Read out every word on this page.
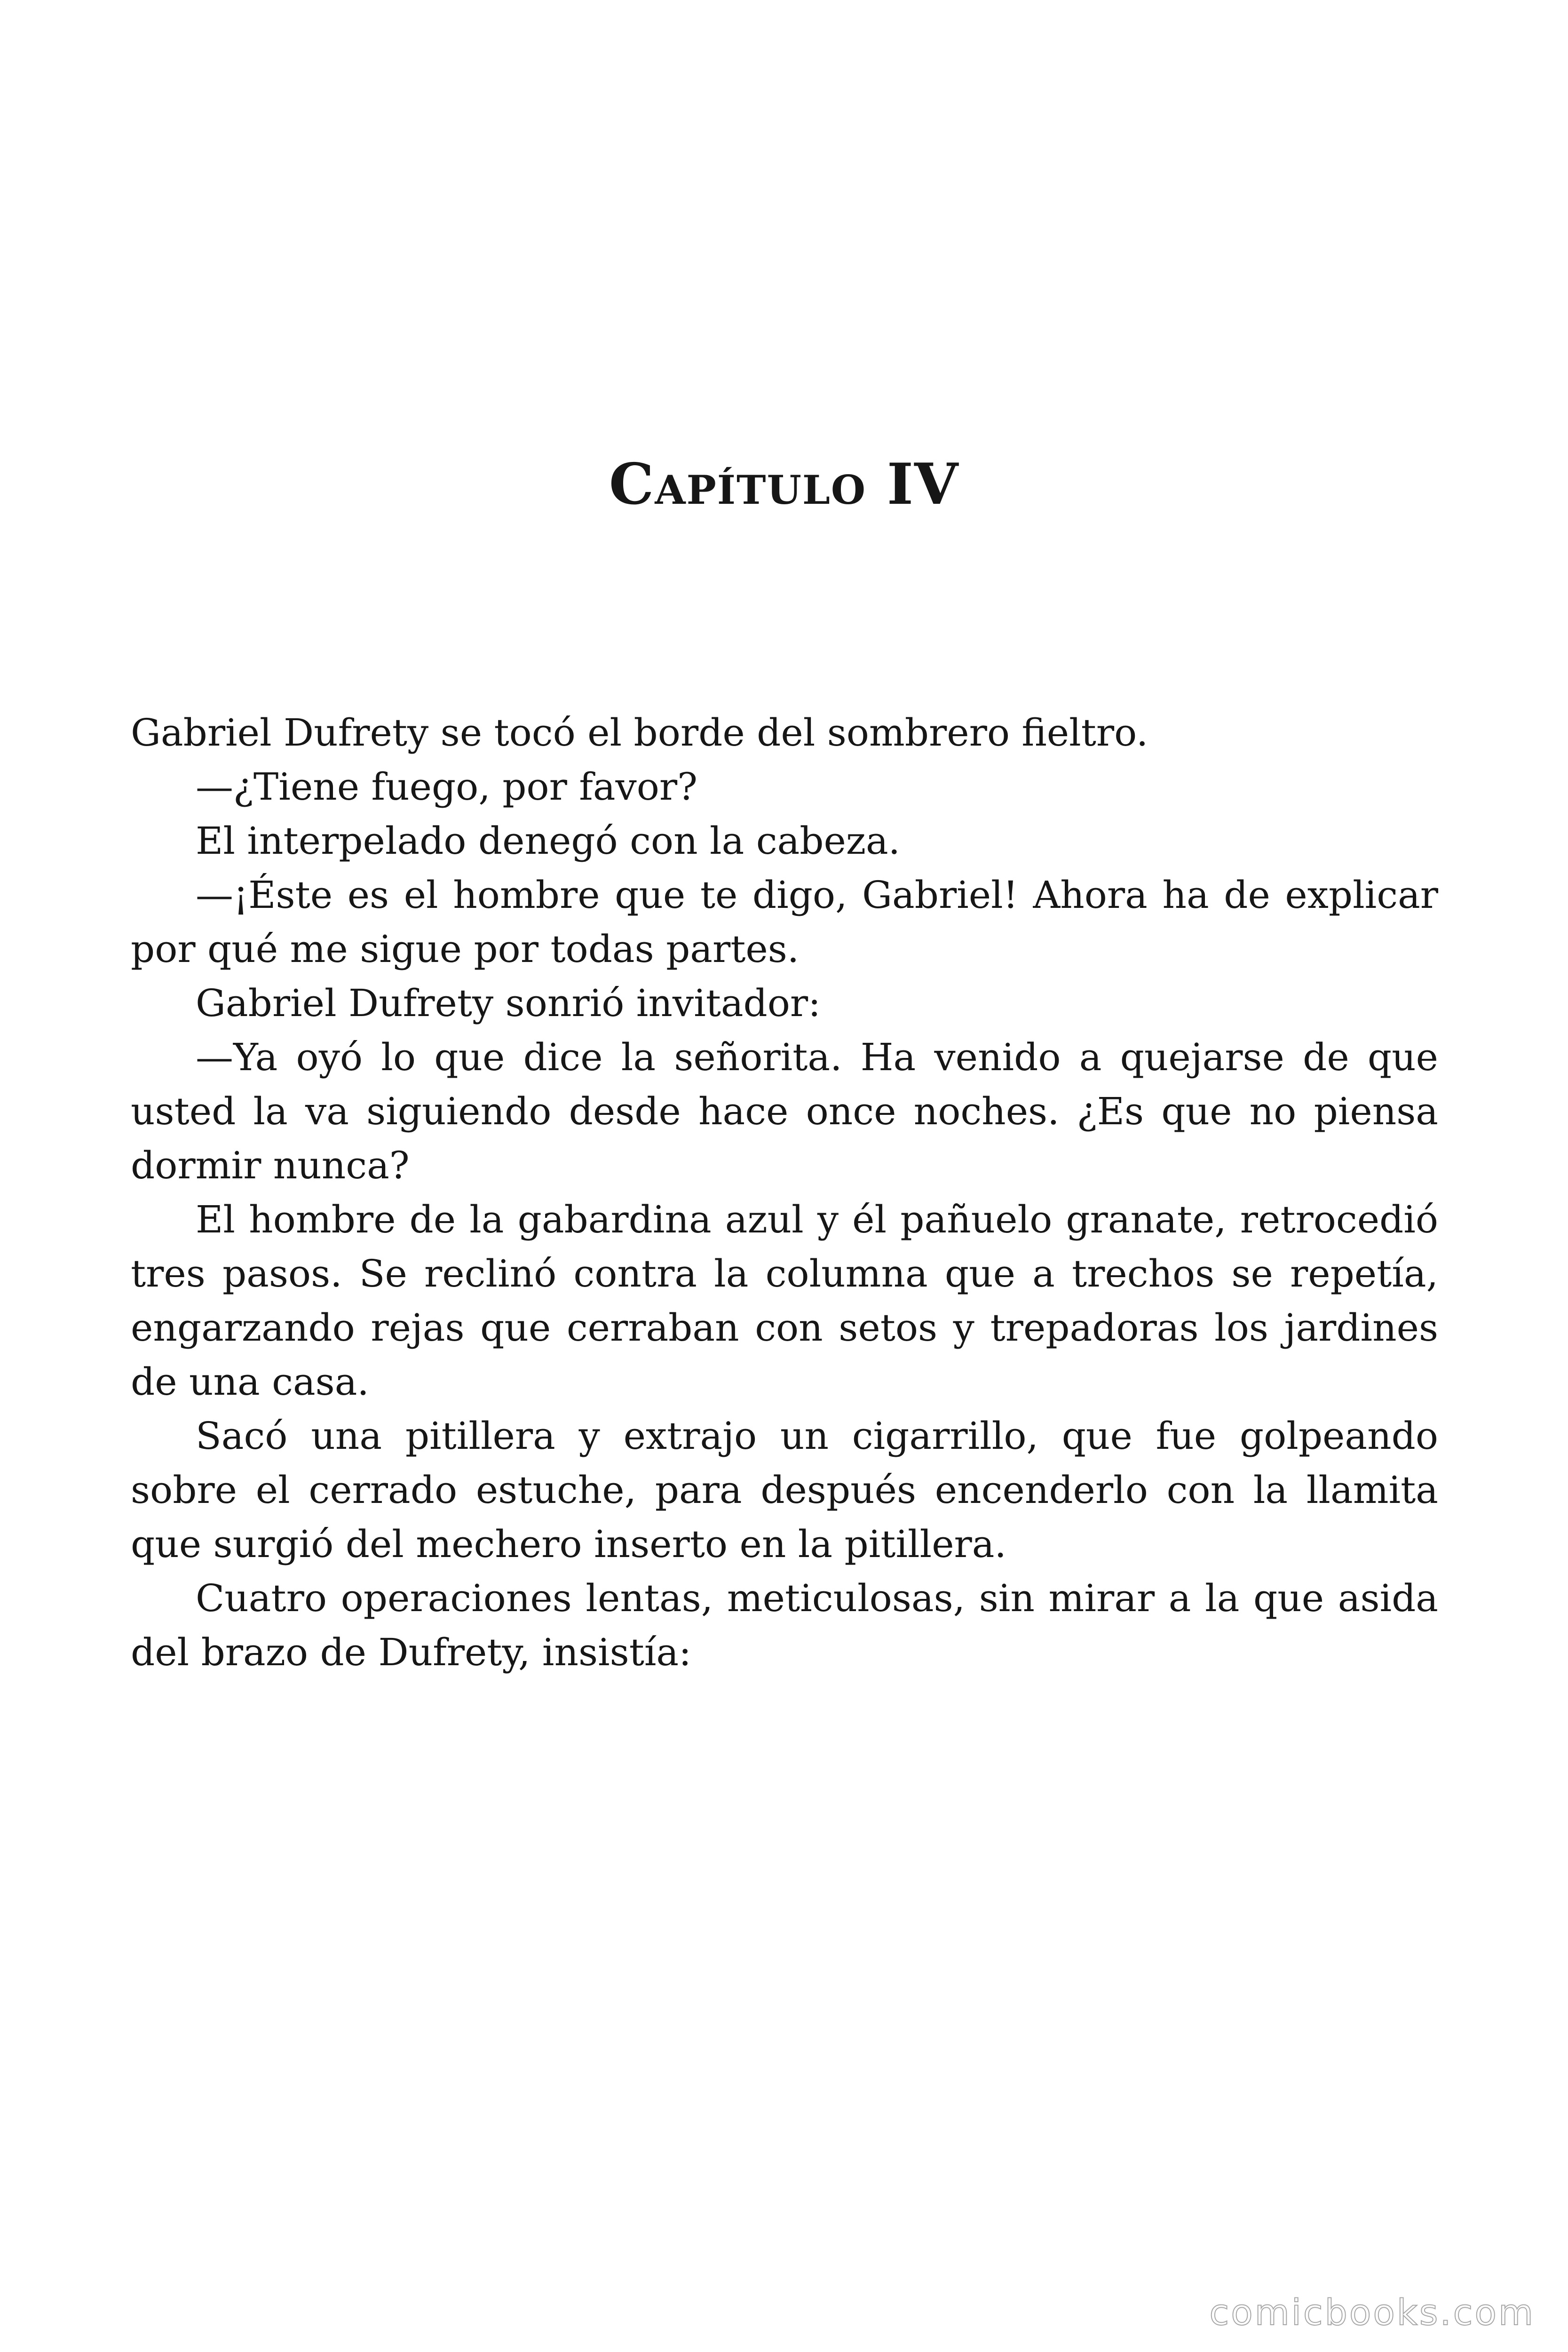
Capítulo IV

Gabriel Dufrety se tocó el borde del sombrero fieltro.

—¿Tiene fuego, por favor?

El interpelado denegó con la cabeza.

—¡Éste es el hombre que te digo, Gabriel! Ahora ha de explicar por qué me sigue por todas partes.

Gabriel Dufrety sonrió invitador:

—Ya oyó lo que dice la señorita. Ha venido a quejarse de que usted la va siguiendo desde hace once noches. ¿Es que no piensa dormir nunca?

El hombre de la gabardina azul y él pañuelo granate, retrocedió tres pasos. Se reclinó contra la columna que a trechos se repetía, engarzando rejas que cerraban con setos y trepadoras los jardines de una casa.

Sacó una pitillera y extrajo un cigarrillo, que fue golpeando sobre el cerrado estuche, para después encenderlo con la llamita que surgió del mechero inserto en la pitillera.

Cuatro operaciones lentas, meticulosas, sin mirar a la que asida del brazo de Dufrety, insistía:

comicbooks.com
